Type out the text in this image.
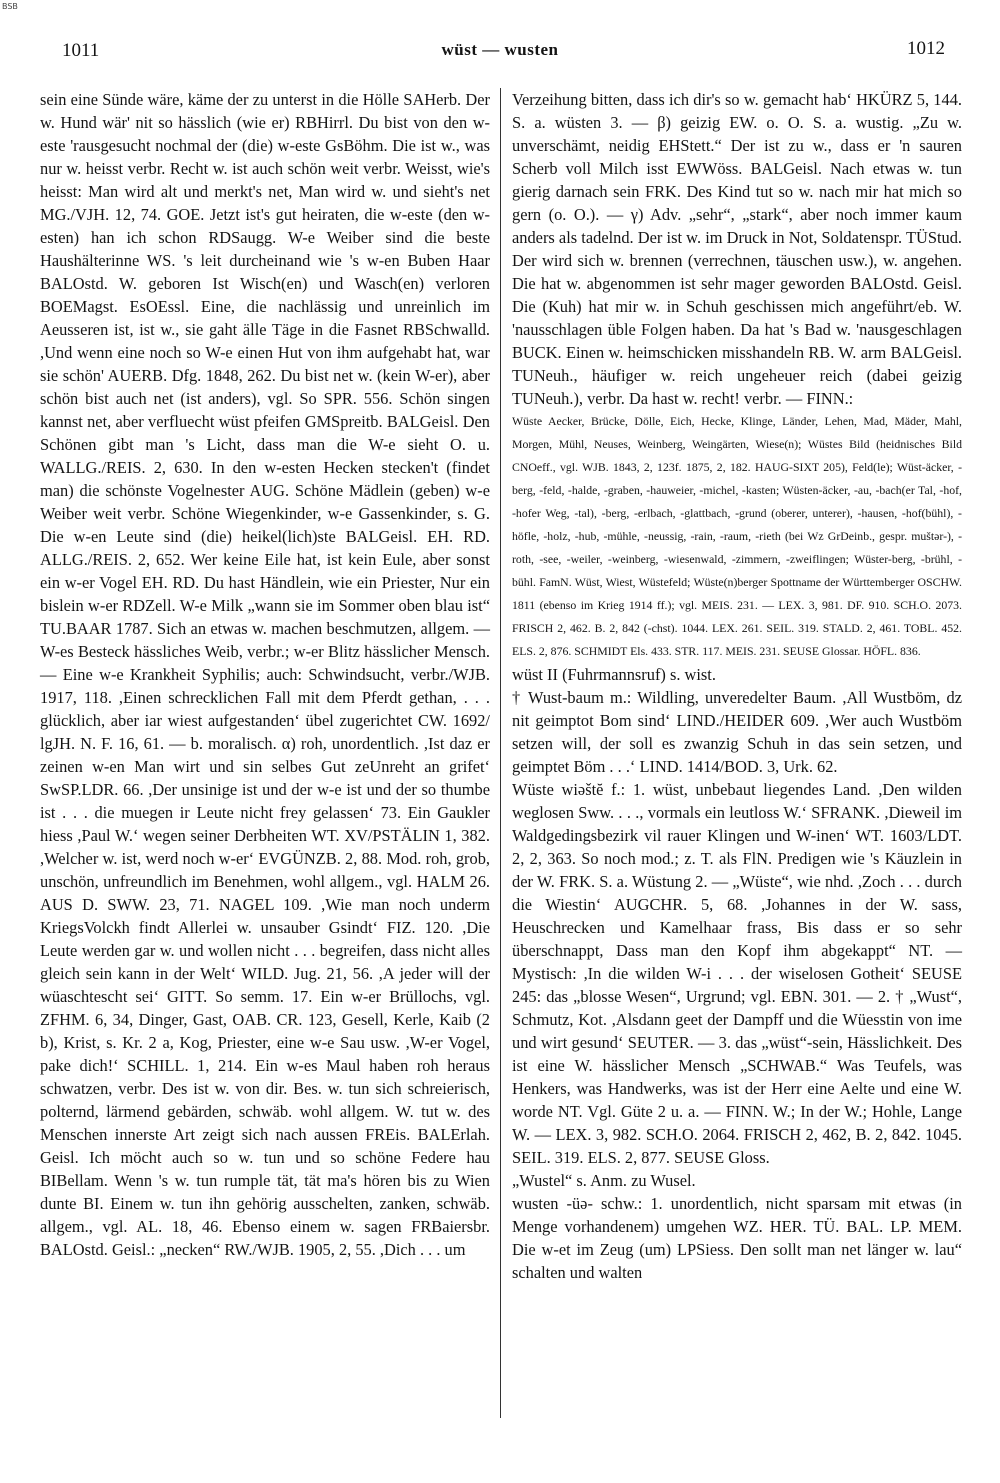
BSB
1011	wüst — wusten	1012

sein eine Sünde wäre, käme der zu unterst in die Hölle SAHerb. Der w. Hund wär' nit so hässlich (wie er) RBHirrl. Du bist von den w-este 'rausgesucht nochmal der (die) w-este GsBöhm. Die ist w., was nur w. heisst verbr. Recht w. ist auch schön weit verbr. Weisst, wie's heisst: Man wird alt und merkt's net, Man wird w. und sieht's net MG./VJH. 12, 74. GOE. Jetzt ist's gut heiraten, die w-este (den w-esten) han ich schon RDSaugg. W-e Weiber sind die beste Haushälterinne WS. 's leit durcheinand wie 's w-en Buben Haar BALOstd. W. geboren Ist Wisch(en) und Wasch(en) verloren BOEMagst. EsOEssl. Eine, die nachlässig und unreinlich im Aeusseren ist, ist w., sie gaht älle Täge in die Fasnet RBSchwalld. ,Und wenn eine noch so W-e einen Hut von ihm aufgehabt hat, war sie schön' AUERB. Dfg. 1848, 262. Du bist net w. (kein W-er), aber schön bist auch net (ist anders), vgl. So SPR. 556. Schön singen kannst net, aber verfluecht wüst pfeifen GMSpreitb. BALGeisl. Den Schönen gibt man 's Licht, dass man die W-e sieht O. u. WALLG./REIS. 2, 630. In den w-esten Hecken stecken't (findet man) die schönste Vogelnester AUG. Schöne Mädlein (geben) w-e Weiber weit verbr. Schöne Wiegenkinder, w-e Gassenkinder, s. G. Die w-en Leute sind (die) heikel(lich)ste BALGeisl. EH. RD. ALLG./REIS. 2, 652. Wer keine Eile hat, ist kein Eule, aber sonst ein w-er Vogel EH. RD. Du hast Händlein, wie ein Priester, Nur ein bislein w-er RDZell. W-e Milk „wann sie im Sommer oben blau ist“ TU.BAAR 1787. Sich an etwas w. machen beschmutzen, allgem. — W-es Besteck hässliches Weib, verbr.; w-er Blitz hässlicher Mensch. — Eine w-e Krankheit Syphilis; auch: Schwindsucht, verbr./WJB. 1917, 118. ,Einen schrecklichen Fall mit dem Pferdt gethan, . . . glücklich, aber iar wiest aufgestanden‘ übel zugerichtet CW. 1692/ lgJH. N. F. 16, 61. — b. moralisch. α) roh, unordentlich. ,Ist daz er zeinen w-en Man wirt und sin selbes Gut zeUnreht an grifet‘ SwSP.LDR. 66. ,Der unsinige ist und der w-e ist und der so thumbe ist . . . die muegen ir Leute nicht frey gelassen‘ 73. Ein Gaukler hiess ,Paul W.‘ wegen seiner Derbheiten WT. XV/PSTÄLIN 1, 382. ,Welcher w. ist, werd noch w-er‘ EVGÜNZB. 2, 88. Mod. roh, grob, unschön, unfreundlich im Benehmen, wohl allgem., vgl. HALM 26. AUS D. SWW. 23, 71. NAGEL 109. ,Wie man noch underm KriegsVolckh findt Allerlei w. unsauber Gsindt‘ FIZ. 120. ,Die Leute werden gar w. und wollen nicht . . . begreifen, dass nicht alles gleich sein kann in der Welt‘ WILD. Jug. 21, 56. ,A jeder will der wüaschtescht sei‘ GITT. So semm. 17. Ein w-er Brüllochs, vgl. ZFHM. 6, 34, Dinger, Gast, OAB. CR. 123, Gesell, Kerle, Kaib (2 b), Krist, s. Kr. 2 a, Kog, Priester, eine w-e Sau usw. ,W-er Vogel, pake dich!‘ SCHILL. 1, 214. Ein w-es Maul haben roh heraus schwatzen, verbr. Des ist w. von dir. Bes. w. tun sich schreierisch, polternd, lärmend gebärden, schwäb. wohl allgem. W. tut w. des Menschen innerste Art zeigt sich nach aussen FREis. BALErlah. Geisl. Ich möcht auch so w. tun und so schöne Federe hau BIBellam. Wenn 's w. tun rumple tät, tät ma's hören bis zu Wien dunte BI. Einem w. tun ihn gehörig ausschelten, zanken, schwäb. allgem., vgl. AL. 18, 46. Ebenso einem w. sagen FRBaiersbr. BALOstd. Geisl.: „necken“ RW./WJB. 1905, 2, 55. ,Dich . . . um

Verzeihung bitten, dass ich dir's so w. gemacht hab‘ HKÜRZ 5, 144. S. a. wüsten 3. — β) geizig EW. o. O. S. a. wustig. „Zu w. unverschämt, neidig EHStett.“ Der ist zu w., dass er 'n sauren Scherb voll Milch isst EWWöss. BALGeisl. Nach etwas w. tun gierig darnach sein FRK. Des Kind tut so w. nach mir hat mich so gern (o. O.). — γ) Adv. „sehr“, „stark“, aber noch immer kaum anders als tadelnd. Der ist w. im Druck in Not, Soldatenspr. TÜStud. Der wird sich w. brennen (verrechnen, täuschen usw.), w. angehen. Die hat w. abgenommen ist sehr mager geworden BALOstd. Geisl. Die (Kuh) hat mir w. in Schuh geschissen mich angeführt/eb. W. 'nausschlagen üble Folgen haben. Da hat 's Bad w. 'nausgeschlagen BUCK. Einen w. heimschicken misshandeln RB. W. arm BALGeisl. TUNeuh., häufiger w. reich ungeheuer reich (dabei geizig TUNeuh.), verbr. Da hast w. recht! verbr. — FINN.:

Wüste Aecker, Brücke, Dölle, Eich, Hecke, Klinge, Länder, Lehen, Mad, Mäder, Mahl, Morgen, Mühl, Neuses, Weinberg, Weingärten, Wiese(n); Wüstes Bild (heidnisches Bild CNOeff., vgl. WJB. 1843, 2, 123f. 1875, 2, 182. HAUG-SIXT 205), Feld(le); Wüst-äcker, -berg, -feld, -halde, -graben, -hauweier, -michel, -kasten; Wüsten-äcker, -au, -bach(er Tal, -hof, -hofer Weg, -tal), -berg, -erlbach, -glattbach, -grund (oberer, unterer), -hausen, -hof(bühl), -höfle, -holz, -hub, -mühle, -neussig, -rain, -raum, -rieth (bei Wz GrDeinb., gespr. muštər-), -roth, -see, -weiler, -weinberg, -wiesenwald, -zimmern, -zweiflingen; Wüster-berg, -brühl, -bühl. FamN. Wüst, Wiest, Wüstefeld; Wüste(n)berger Spottname der Württemberger OSCHW. 1811 (ebenso im Krieg 1914 ff.); vgl. MEIS. 231. — LEX. 3, 981. DF. 910. SCH.O. 2073. FRISCH 2, 462. B. 2, 842 (-chst). 1044. LEX. 261. SEIL. 319. STALD. 2, 461. TOBL. 452. ELS. 2, 876. SCHMIDT Els. 433. STR. 117. MEIS. 231. SEUSE Glossar. HÖFL. 836.

wüst II (Fuhrmannsruf) s. wist.

† Wust-baum m.: Wildling, unveredelter Baum. ,All Wustböm, dz nit geimptot Bom sind‘ LIND./HEIDER 609. ,Wer auch Wustböm setzen will, der soll es zwanzig Schuh in das sein setzen, und geimptet Böm . . .‘ LIND. 1414/BOD. 3, Urk. 62.

Wüste wiəštĕ f.: 1. wüst, unbebaut liegendes Land. ,Den wilden weglosen Sww. . . ., vormals ein leutloss W.‘ SFRANK. ,Dieweil im Waldgedingsbezirk vil rauer Klingen und W-inen‘ WT. 1603/LDT. 2, 2, 363. So noch mod.; z. T. als FlN. Predigen wie 's Käuzlein in der W. FRK. S. a. Wüstung 2. — „Wüste“, wie nhd. ,Zoch . . . durch die Wiestin‘ AUGCHR. 5, 68. ,Johannes in der W. sass, Heuschrecken und Kamelhaar frass, Bis dass er so sehr überschnappt, Dass man den Kopf ihm abgekappt“ NT. — Mystisch: ,In die wilden W-i . . . der wiselosen Gotheit‘ SEUSE 245: das „blosse Wesen“, Urgrund; vgl. EBN. 301. — 2. † „Wust“, Schmutz, Kot. ,Alsdann geet der Dampff und die Wüesstin von ime und wirt gesund‘ SEUTER. — 3. das „wüst“-sein, Hässlichkeit. Des ist eine W. hässlicher Mensch „SCHWAB.“ Was Teufels, was Henkers, was Handwerks, was ist der Herr eine Aelte und eine W. worde NT. Vgl. Güte 2 u. a. — FINN. W.; In der W.; Hohle, Lange W. — LEX. 3, 982. SCH.O. 2064. FRISCH 2, 462, B. 2, 842. 1045. SEIL. 319. ELS. 2, 877. SEUSE Gloss.

„Wustel“ s. Anm. zu Wusel.

wusten -üə- schw.: 1. unordentlich, nicht sparsam mit etwas (in Menge vorhandenem) umgehen WZ. HER. TÜ. BAL. LP. MEM. Die w-et im Zeug (um) LPSiess. Den sollt man net länger w. lau“ schalten und walten
